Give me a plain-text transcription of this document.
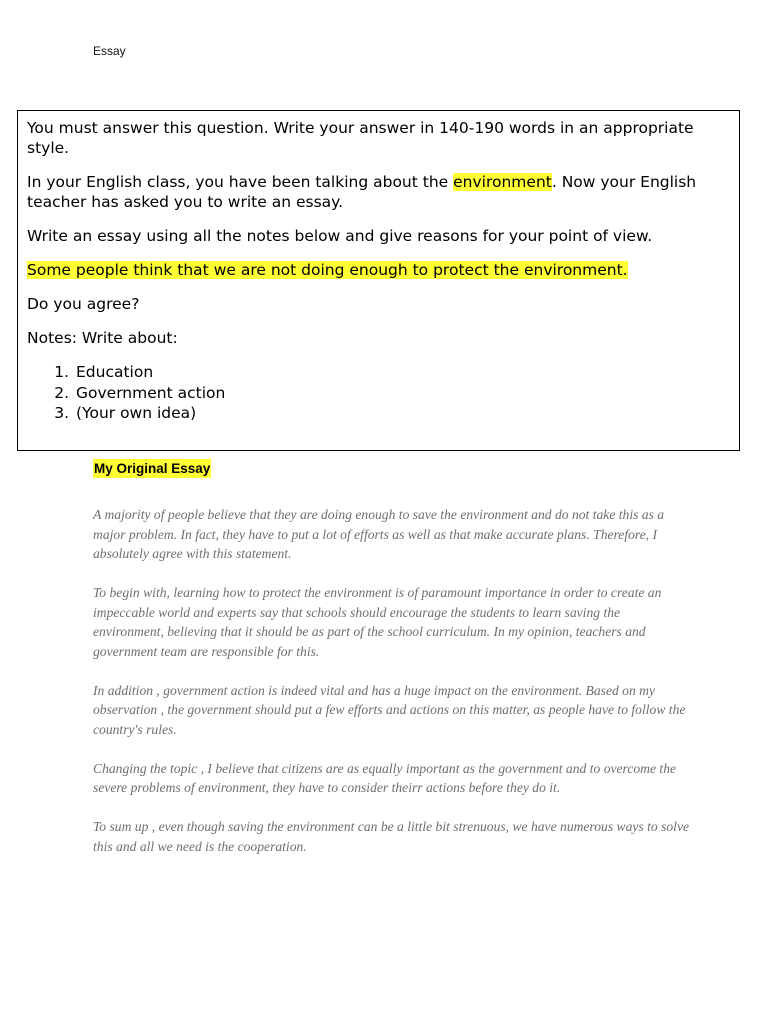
Essay

You must answer this question. Write your answer in 140-190 words in an appropriate style.

In your English class, you have been talking about the environment. Now your English teacher has asked you to write an essay.

Write an essay using all the notes below and give reasons for your point of view.

Some people think that we are not doing enough to protect the environment.

Do you agree?

Notes: Write about:

1. Education
2. Government action
3. (Your own idea)
My Original Essay

A majority of people believe that they are doing enough to save the environment and do not take this as a major problem. In fact, they have to put a lot of efforts as well as that make accurate plans. Therefore, I absolutely agree with this statement.

To begin with, learning how to protect the environment is of paramount importance in order to create an impeccable world and experts say that schools should encourage the students to learn saving the environment, believing that it should be as part of the school curriculum. In my opinion, teachers and government team are responsible for this.

In addition , government action is indeed vital and has a huge impact on the environment. Based on my observation , the government should put a few efforts and actions on this matter, as people have to follow the country's rules.

Changing the topic , I believe that citizens are as equally important as the government and to overcome the severe problems of environment, they have to consider theirr actions before they do it.

To sum up , even though saving the environment can be a little bit strenuous, we have numerous ways to solve this and all we need is the cooperation.
